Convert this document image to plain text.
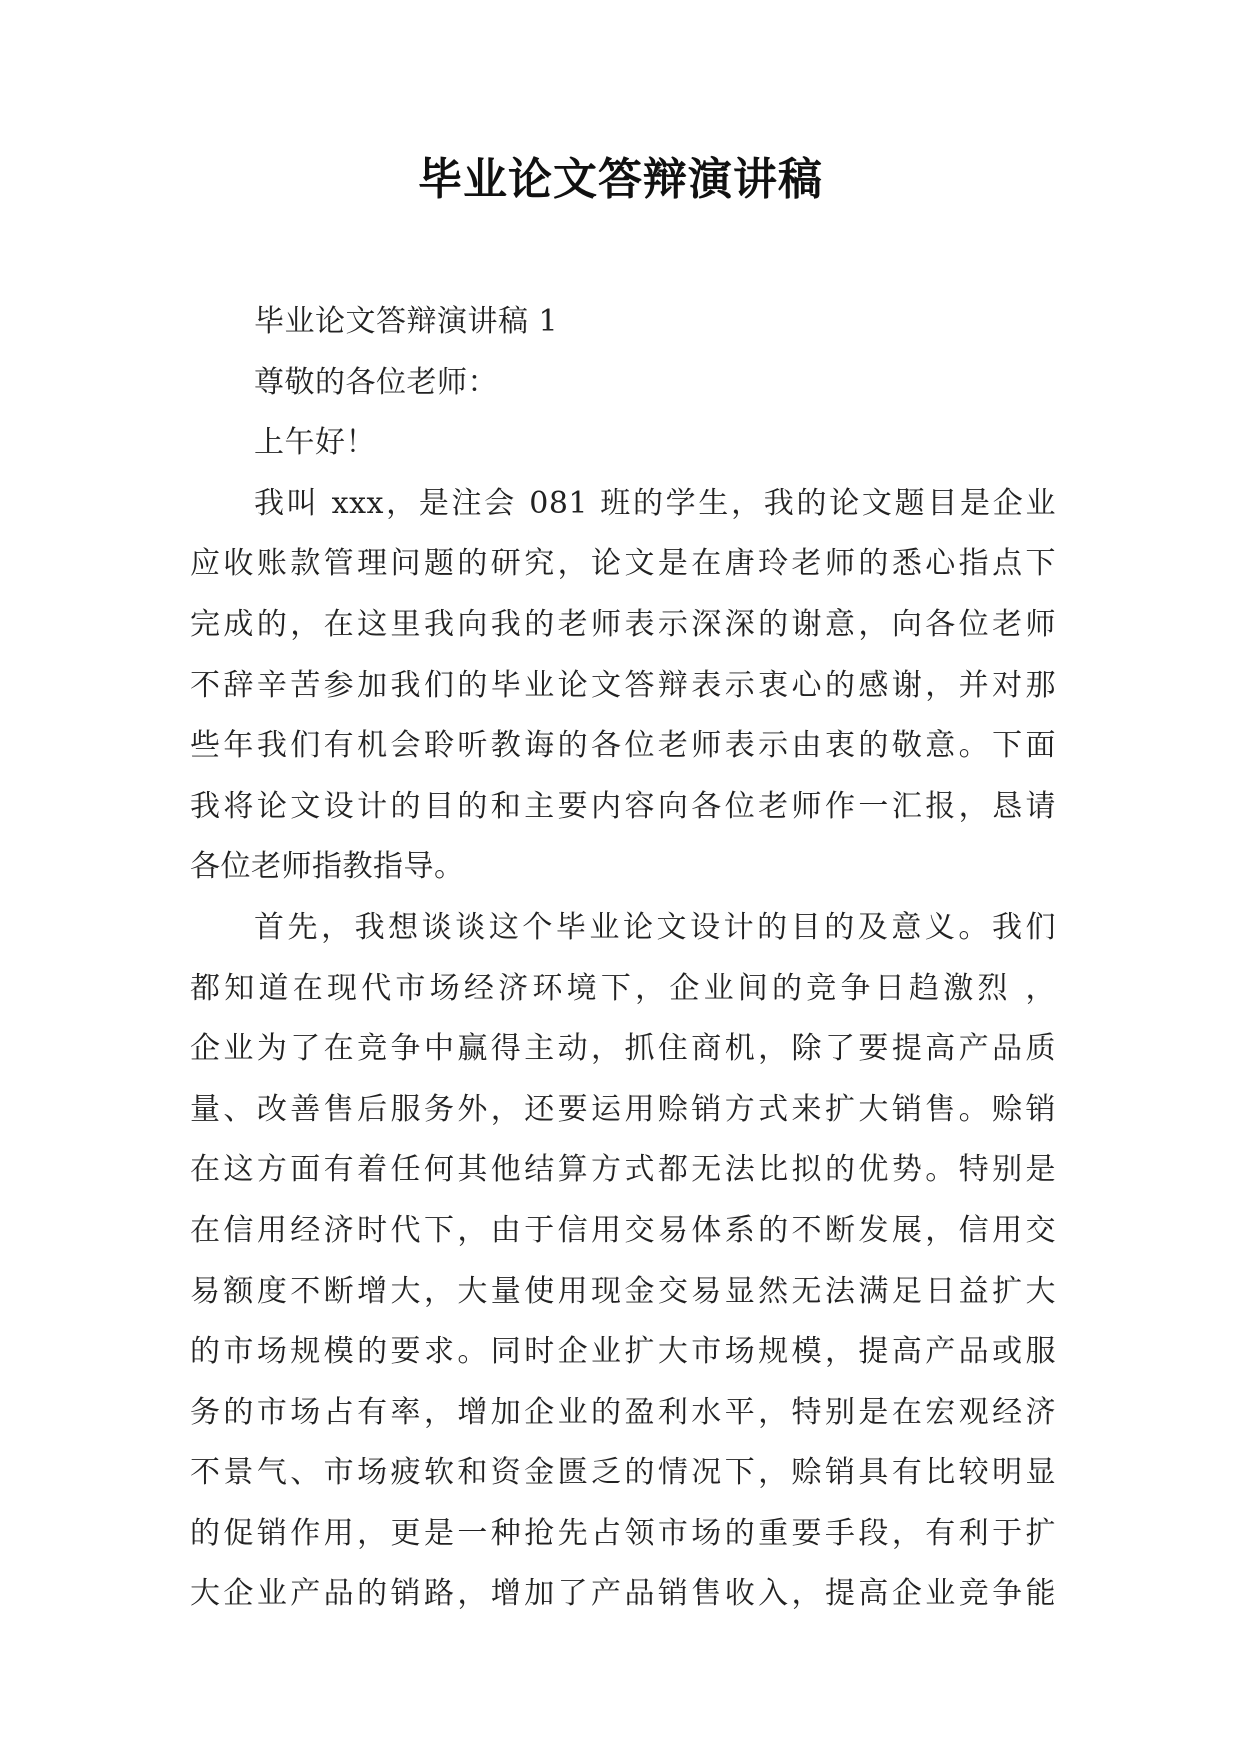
毕业论文答辩演讲稿
毕业论文答辩演讲稿 1
尊敬的各位老师：
上午好！
我叫 xxx，是注会 081 班的学生，我的论文题目是企业
应收账款管理问题的研究，论文是在唐玲老师的悉心指点下
完成的，在这里我向我的老师表示深深的谢意，向各位老师
不辞辛苦参加我们的毕业论文答辩表示衷心的感谢，并对那
些年我们有机会聆听教诲的各位老师表示由衷的敬意。下面
我将论文设计的目的和主要内容向各位老师作一汇报，恳请
各位老师指教指导。
首先，我想谈谈这个毕业论文设计的目的及意义。我们
都知道在现代市场经济环境下，企业间的竞争日趋激烈 ，
企业为了在竞争中赢得主动，抓住商机，除了要提高产品质
量、改善售后服务外，还要运用赊销方式来扩大销售。赊销
在这方面有着任何其他结算方式都无法比拟的优势。特别是
在信用经济时代下，由于信用交易体系的不断发展，信用交
易额度不断增大，大量使用现金交易显然无法满足日益扩大
的市场规模的要求。同时企业扩大市场规模，提高产品或服
务的市场占有率，增加企业的盈利水平，特别是在宏观经济
不景气、市场疲软和资金匮乏的情况下，赊销具有比较明显
的促销作用，更是一种抢先占领市场的重要手段，有利于扩
大企业产品的销路，增加了产品销售收入，提高企业竞争能
